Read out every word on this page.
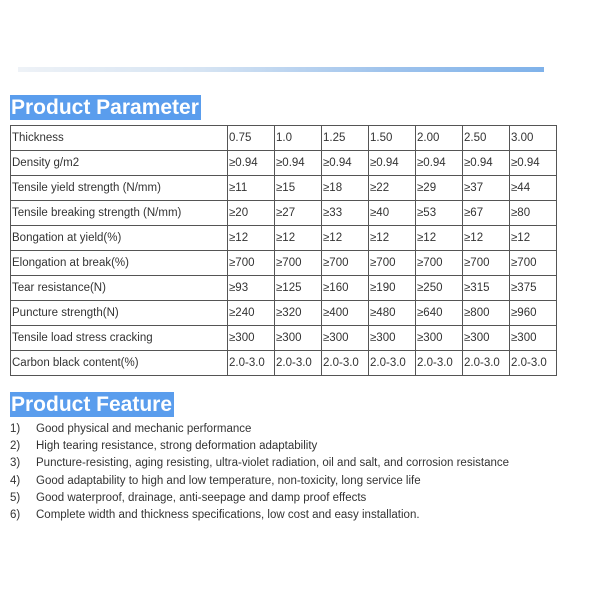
Product Parameter
Thickness	0.75	1.0	1.25	1.50	2.00	2.50	3.00
Density g/m2	≥0.94	≥0.94	≥0.94	≥0.94	≥0.94	≥0.94	≥0.94
Tensile yield strength (N/mm)	≥11	≥15	≥18	≥22	≥29	≥37	≥44
Tensile breaking strength (N/mm)	≥20	≥27	≥33	≥40	≥53	≥67	≥80
Bongation at yield(%)	≥12	≥12	≥12	≥12	≥12	≥12	≥12
Elongation at break(%)	≥700	≥700	≥700	≥700	≥700	≥700	≥700
Tear resistance(N)	≥93	≥125	≥160	≥190	≥250	≥315	≥375
Puncture strength(N)	≥240	≥320	≥400	≥480	≥640	≥800	≥960
Tensile load stress cracking	≥300	≥300	≥300	≥300	≥300	≥300	≥300
Carbon black content(%)	2.0-3.0	2.0-3.0	2.0-3.0	2.0-3.0	2.0-3.0	2.0-3.0	2.0-3.0
Product Feature
1) Good physical and mechanic performance
2) High tearing resistance, strong deformation adaptability
3) Puncture-resisting, aging resisting, ultra-violet radiation, oil and salt, and corrosion resistance
4) Good adaptability to high and low temperature, non-toxicity, long service life
5) Good waterproof, drainage, anti-seepage and damp proof effects
6) Complete width and thickness specifications, low cost and easy installation.
